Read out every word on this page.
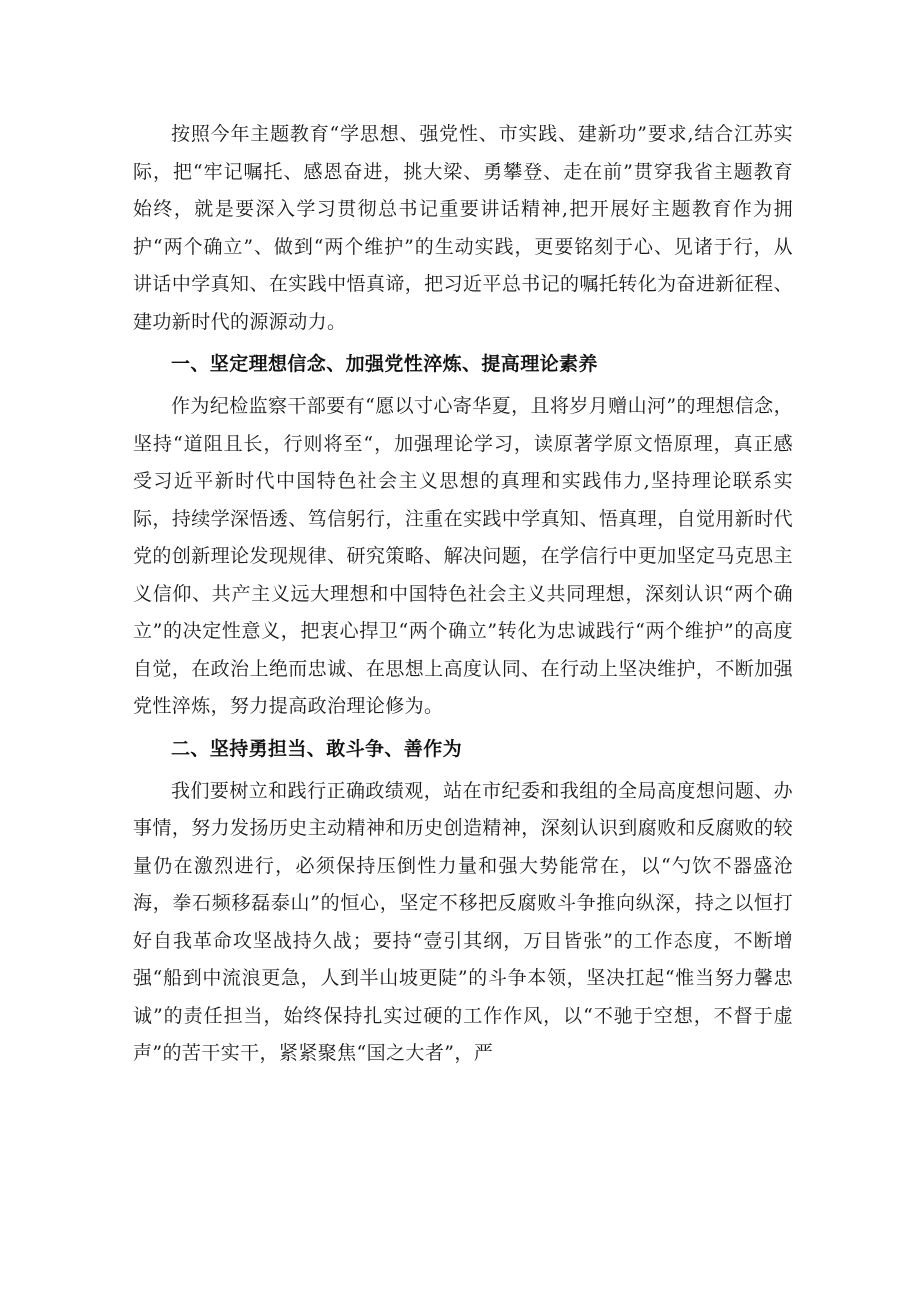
按照今年主题教育“学思想、强党性、市实践、建新功”要求,结合江苏实际，把“牢记嘱托、感恩奋进，挑大梁、勇攀登、走在前”贯穿我省主题教育始终，就是要深入学习贯彻总书记重要讲话精神,把开展好主题教育作为拥护“两个确立”、做到“两个维护”的生动实践，更要铭刻于心、见诸于行，从讲话中学真知、在实践中悟真谛，把习近平总书记的嘱托转化为奋进新征程、建功新时代的源源动力。

一、坚定理想信念、加强党性淬炼、提高理论素养

作为纪检监察干部要有“愿以寸心寄华夏，且将岁月赠山河”的理想信念，坚持“道阻且长，行则将至“，加强理论学习，读原著学原文悟原理，真正感受习近平新时代中国特色社会主义思想的真理和实践伟力,坚持理论联系实际，持续学深悟透、笃信躬行，注重在实践中学真知、悟真理，自觉用新时代党的创新理论发现规律、研究策略、解决问题，在学信行中更加坚定马克思主义信仰、共产主义远大理想和中国特色社会主义共同理想，深刻认识“两个确立”的决定性意义，把衷心捍卫“两个确立”转化为忠诚践行“两个维护”的高度自觉，在政治上绝而忠诚、在思想上高度认同、在行动上坚决维护，不断加强党性淬炼，努力提高政治理论修为。

二、坚持勇担当、敢斗争、善作为

我们要树立和践行正确政绩观，站在市纪委和我组的全局高度想问题、办事情，努力发扬历史主动精神和历史创造精神，深刻认识到腐败和反腐败的较量仍在激烈进行，必须保持压倒性力量和强大势能常在，以“勺饮不器盛沧海，拳石频移磊泰山”的恒心，坚定不移把反腐败斗争推向纵深，持之以恒打好自我革命攻坚战持久战；要持“壹引其纲，万目皆张”的工作态度，不断增强“船到中流浪更急，人到半山坡更陡”的斗争本领，坚决扛起“惟当努力馨忠诚”的责任担当，始终保持扎实过硬的工作作风，以“不驰于空想，不督于虚声”的苦干实干，紧紧聚焦“国之大者”，严
